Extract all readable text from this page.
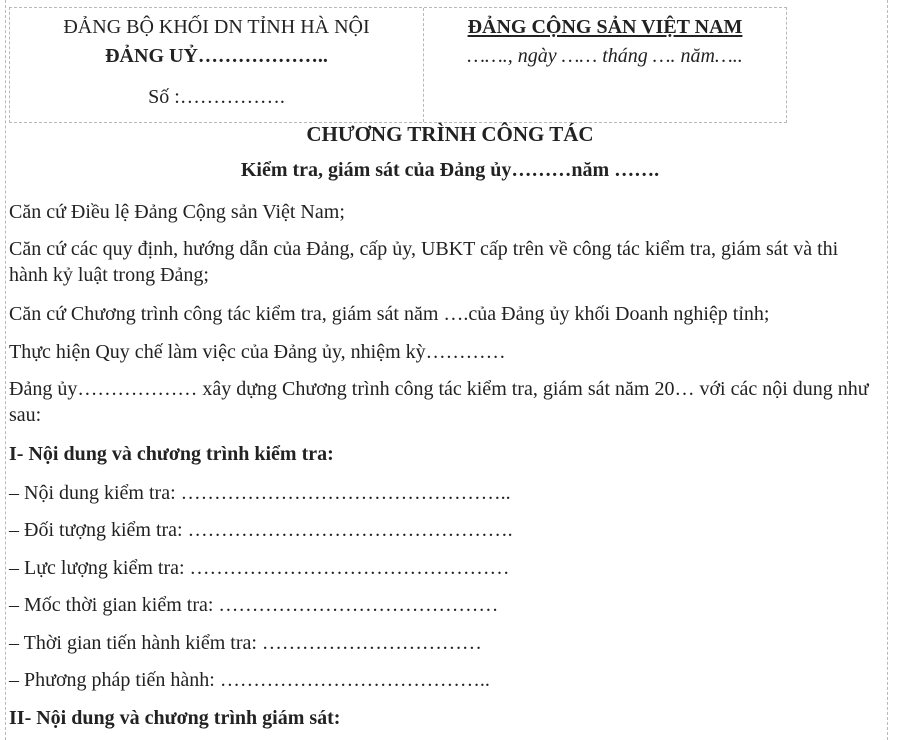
ĐẢNG BỘ KHỐI DN TỈNH HÀ NỘI
ĐẢNG UỶ………………..
Số :…………….
ĐẢNG CỘNG SẢN VIỆT NAM
……., ngày …… tháng …. năm…..
CHƯƠNG TRÌNH CÔNG TÁC
Kiểm tra, giám sát của Đảng ủy………năm …….
Căn cứ Điều lệ Đảng Cộng sản Việt Nam;
Căn cứ các quy định, hướng dẫn của Đảng, cấp ủy, UBKT cấp trên về công tác kiểm tra, giám sát và thi hành kỷ luật trong Đảng;
Căn cứ Chương trình công tác kiểm tra, giám sát năm ….của Đảng ủy khối Doanh nghiệp tỉnh;
Thực hiện Quy chế làm việc của Đảng ủy, nhiệm kỳ…………
Đảng ủy……………… xây dựng Chương trình công tác kiểm tra, giám sát năm 20… với các nội dung như sau:
I- Nội dung và chương trình kiểm tra:
– Nội dung kiểm tra: …………………………………………..
– Đối tượng kiểm tra: ………………………………………….
– Lực lượng kiểm tra: …………………………………………
– Mốc thời gian kiểm tra: ……………………………………
– Thời gian tiến hành kiểm tra: ……………………………
– Phương pháp tiến hành: …………………………………..
II- Nội dung và chương trình giám sát:
